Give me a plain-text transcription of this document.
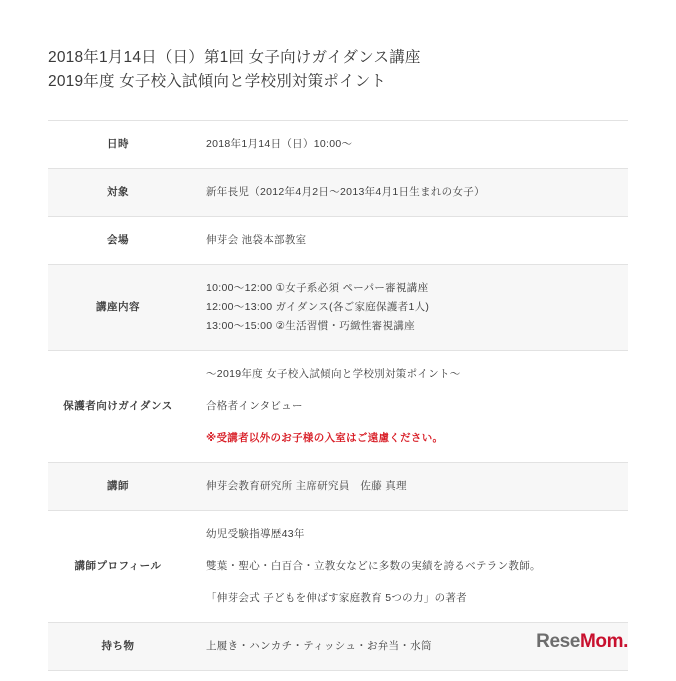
2018年1月14日（日）第1回 女子向けガイダンス講座
2019年度 女子校入試傾向と学校別対策ポイント
日時	2018年1月14日（日）10:00～

対象	新年長児（2012年4月2日～2013年4月1日生まれの女子）

会場	伸芽会 池袋本部教室

講座内容	10:00～12:00 ①女子系必須 ペーパー審視講座
12:00～13:00 ガイダンス(各ご家庭保護者1人)
13:00～15:00 ②生活習慣・巧緻性審視講座

保護者向けガイダンス	～2019年度 女子校入試傾向と学校別対策ポイント～
合格者インタビュー
※受講者以外のお子様の入室はご遠慮ください。

講師	伸芽会教育研究所 主席研究員　佐藤 真理

講師プロフィール	幼児受験指導歴43年
雙葉・聖心・白百合・立教女などに多数の実績を誇るベテラン教師。
「伸芽会式 子どもを伸ばす家庭教育 5つの力」の著者

持ち物	上履き・ハンカチ・ティッシュ・お弁当・水筒	ReseMom.
